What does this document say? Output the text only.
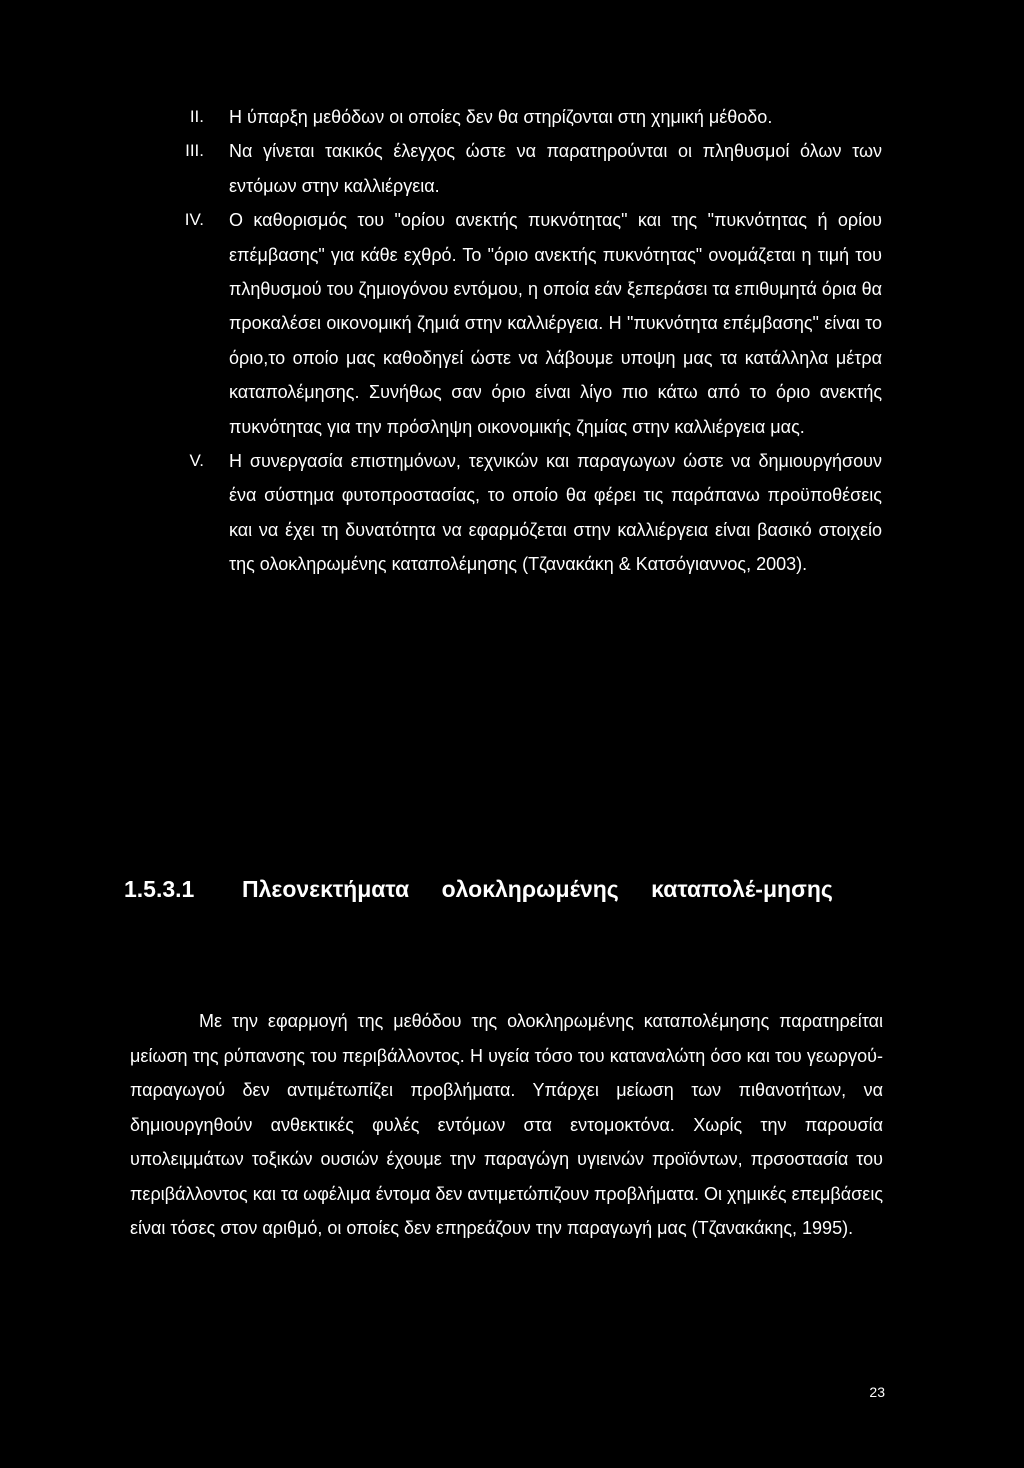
II. Η ύπαρξη μεθόδων οι οποίες δεν θα στηρίζονται στη χημική μέθοδο.
III. Να γίνεται τακικός έλεγχος ώστε να παρατηρούνται οι πληθυσμοί όλων των εντόμων στην καλλιέργεια.
IV. Ο καθορισμός του "ορίου ανεκτής πυκνότητας" και της "πυκνότητας ή ορίου επέμβασης" για κάθε εχθρό. Το "όριο ανεκτής πυκνότητας" ονομάζεται η τιμή του πληθυσμού του ζημιογόνου εντόμου, η οποία εάν ξεπεράσει τα επιθυμητά όρια θα προκαλέσει οικονομική ζημιά στην καλλιέργεια. Η "πυκνότητα επέμβασης" είναι το όριο,το οποίο μας καθοδηγεί ώστε να λάβουμε υποψη μας τα κατάλληλα μέτρα καταπολέμησης. Συνήθως σαν όριο είναι λίγο πιο κάτω από το όριο ανεκτής πυκνότητας για την πρόσληψη οικονομικής ζημίας στην καλλιέργεια μας.
V. Η συνεργασία επιστημόνων, τεχνικών και παραγωγων ώστε να δημιουργήσουν ένα σύστημα φυτοπροστασίας, το οποίο θα φέρει τις παράπανω προϋποθέσεις και να έχει τη δυνατότητα να εφαρμόζεται στην καλλιέργεια είναι βασικό στοιχείο της ολοκληρωμένης καταπολέμησης (Τζανακάκη & Κατσόγιαννος, 2003).
1.5.3.1 Πλεονεκτήματα ολοκληρωμένης καταπολέ-μησης
Με την εφαρμογή της μεθόδου της ολοκληρωμένης καταπολέμησης παρατηρείται μείωση της ρύπανσης του περιβάλλοντος. Η υγεία τόσο του καταναλώτη όσο και του γεωργού-παραγωγού δεν αντιμέτωπίζει προβλήματα. Υπάρχει μείωση των πιθανοτήτων, να δημιουργηθούν ανθεκτικές φυλές εντόμων στα εντομοκτόνα. Χωρίς την παρουσία υπολειμμάτων τοξικών ουσιών έχουμε την παραγώγη υγιεινών προϊόντων, πρσοστασία του περιβάλλοντος και τα ωφέλιμα έντομα δεν αντιμετώπιζουν προβλήματα. Οι χημικές επεμβάσεις είναι τόσες στον αριθμό, οι οποίες δεν επηρεάζουν την παραγωγή μας (Τζανακάκης, 1995).
23
